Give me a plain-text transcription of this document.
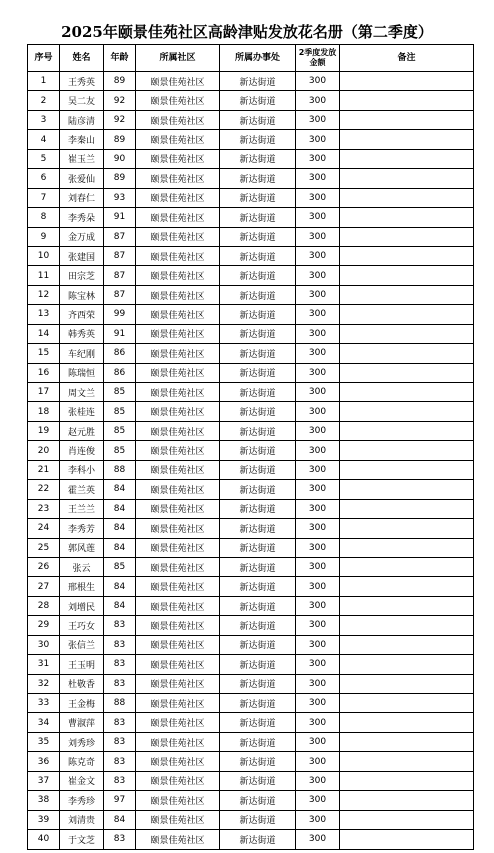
2025年颐景佳苑社区高龄津贴发放花名册（第二季度）
序号	姓名	年龄	所属社区	所属办事处	2季度发放金额	备注
1	王秀英	89	颐景佳苑社区	新达街道	300	
2	吴二友	92	颐景佳苑社区	新达街道	300	
3	陆彦清	92	颐景佳苑社区	新达街道	300	
4	李秦山	89	颐景佳苑社区	新达街道	300	
5	崔玉兰	90	颐景佳苑社区	新达街道	300	
6	张爱仙	89	颐景佳苑社区	新达街道	300	
7	刘春仁	93	颐景佳苑社区	新达街道	300	
8	李秀朵	91	颐景佳苑社区	新达街道	300	
9	金万成	87	颐景佳苑社区	新达街道	300	
10	张建国	87	颐景佳苑社区	新达街道	300	
11	田宗芝	87	颐景佳苑社区	新达街道	300	
12	陈宝林	87	颐景佳苑社区	新达街道	300	
13	齐西荣	99	颐景佳苑社区	新达街道	300	
14	韩秀英	91	颐景佳苑社区	新达街道	300	
15	车纪刚	86	颐景佳苑社区	新达街道	300	
16	陈瑞恒	86	颐景佳苑社区	新达街道	300	
17	周文兰	85	颐景佳苑社区	新达街道	300	
18	张桂连	85	颐景佳苑社区	新达街道	300	
19	赵元胜	85	颐景佳苑社区	新达街道	300	
20	肖连俊	85	颐景佳苑社区	新达街道	300	
21	李科小	88	颐景佳苑社区	新达街道	300	
22	霍兰英	84	颐景佳苑社区	新达街道	300	
23	王兰兰	84	颐景佳苑社区	新达街道	300	
24	李秀芳	84	颐景佳苑社区	新达街道	300	
25	郭风莲	84	颐景佳苑社区	新达街道	300	
26	张云	85	颐景佳苑社区	新达街道	300	
27	邢根生	84	颐景佳苑社区	新达街道	300	
28	刘增民	84	颐景佳苑社区	新达街道	300	
29	王巧女	83	颐景佳苑社区	新达街道	300	
30	张信兰	83	颐景佳苑社区	新达街道	300	
31	王玉明	83	颐景佳苑社区	新达街道	300	
32	杜敬香	83	颐景佳苑社区	新达街道	300	
33	王金梅	88	颐景佳苑社区	新达街道	300	
34	曹淑萍	83	颐景佳苑社区	新达街道	300	
35	刘秀珍	83	颐景佳苑社区	新达街道	300	
36	陈克奇	83	颐景佳苑社区	新达街道	300	
37	崔金文	83	颐景佳苑社区	新达街道	300	
38	李秀珍	97	颐景佳苑社区	新达街道	300	
39	刘清贵	84	颐景佳苑社区	新达街道	300	
40	于文芝	83	颐景佳苑社区	新达街道	300	
